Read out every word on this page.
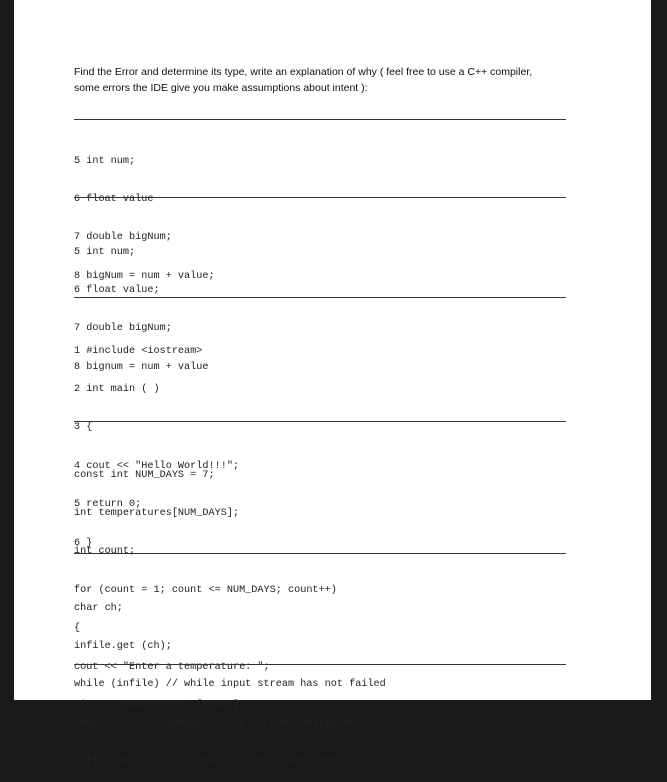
Find the Error and determine its type, write an explanation of why ( feel free to use a C++ compiler,
some errors the IDE give you make assumptions about intent ):

5 int num;

6 float value

7 double bigNum;

8 bigNum = num + value;

5 int num;

6 float value;

7 double bigNum;

8 bignum = num + value

1 #include <iostream>

2 int main ( )

3 {

4 cout << "Hello World!!!";

5 return 0;

6 }

const int NUM_DAYS = 7;

int temperatures[NUM_DAYS];

int count;

for (count = 1; count <= NUM_DAYS; count++)

{

cout << "Enter a temperature: ";

cin >> temperatures [count];

}

char ch;

infile.get (ch);

while (infile) // while input stream has not failed

cout << ch; // echoprint the current character

infile.get (ch); // read the next character
